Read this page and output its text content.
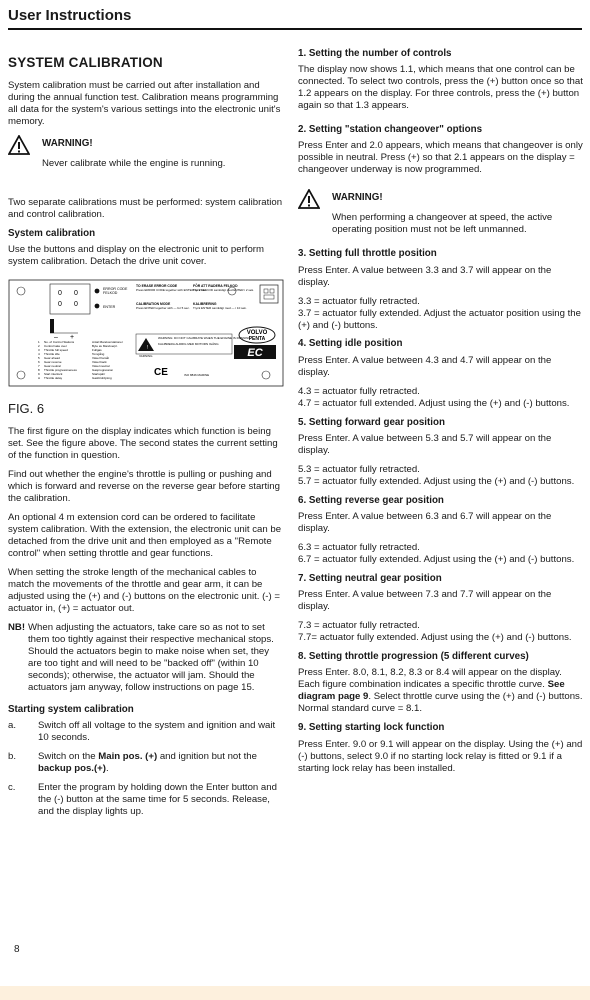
User Instructions
SYSTEM CALIBRATION

System calibration must be carried out after installation and during the annual function test. Calibration means programming all data for the system's various settings into the electronic unit's memory.

WARNING!

Never calibrate while the engine is running.

Two separate calibrations must be performed: system calibration and control calibration.

System calibration

Use the buttons and display on the electronic unit to perform system calibration. Detach the drive unit cover.

0 0
0 0
ERROR CODE
FELKOD
ENTER
– +
TO ERASE ERROR CODE
Press ERROR CODE together with ENTER for 2 sec.
FÖR ATT RADERA FELKOD
Tryck FELKOD samtidigt med ENTER i 2 sek.
CALIBRATION MODE
Press ENTER together with — for 5 sec.
KALIBRERING
Tryck ENTER samtidigt med — i 10 sek.
1 No. of Control Stations	Antal Manöverstationer
2 Control take over	Byte av Manöverpl.
3 Throttle full speed	Fullgas
4 Throttle idle	Tomgång
5 Gear ahead	Växel framåt
6 Gear reverse	Växel back
7 Gear neutral	Växel neutral
8 Throttle progressiveness	Gasprogression
9 Start interlock	Startspärr
A Throttle delay	Gasfördröjning
!
WARNING: DO NOT CALIBRATE WHEN THE ENGINE IS RUNNING
KALIBRERA ALDRIG MED MOTORN IGÅNG
VARNING
VOLVO
PENTA
EC
CE	ISO 8846 MARINE
FIG. 6

The first figure on the display indicates which function is being set. See the figure above. The second states the current setting of the function in question.

Find out whether the engine's throttle is pulling or pushing and which is forward and reverse on the reverse gear before starting the calibration.

An optional 4 m extension cord can be ordered to facilitate system calibration. With the extension, the electronic unit can be detached from the drive unit and then employed as a "Remote control" when setting throttle and gear functions.

When setting the stroke length of the mechanical cables to match the movements of the throttle and gear arm, it can be adjusted using the (+) and (-) buttons on the electronic unit. (-) = actuator in, (+) = actuator out.

NB! When adjusting the actuators, take care so as not to set them too tightly against their respective mechanical stops. Should the actuators begin to make noise when set, they are too tight and will need to be "backed off" (within 10 seconds); otherwise, the actuator will jam. Should the actuators jam anyway, follow instructions on page 15.
Starting system calibration
a.	Switch off all voltage to the system and ignition and wait 10 seconds.
b.	Switch on the Main pos. (+) and ignition but not the backup pos.(+).
c.	Enter the program by holding down the Enter button and the (-) button at the same time for 5 seconds. Release, and the display lights up.
8
1. Setting the number of controls

The display now shows 1.1, which means that one control can be connected. To select two controls, press the (+) button once so that 1.2 appears on the display. For three controls, press the (+) button again so that 1.3 appears.

2. Setting "station changeover" options

Press Enter and 2.0 appears, which means that changeover is only possible in neutral. Press (+) so that 2.1 appears on the display = changeover underway is now programmed.

WARNING!

When performing a changeover at speed, the active operating position must not be left unmanned.

3. Setting full throttle position

Press Enter. A value between 3.3 and 3.7 will appear on the display.

3.3 = actuator fully retracted.

3.7 = actuator fully extended. Adjust the actuator position using the (+) and (-) buttons.

4. Setting idle position

Press Enter. A value between 4.3 and 4.7 will appear on the display.

4.3 = actuator fully retracted.

4.7 = actuator full extended. Adjust using the (+) and (-) buttons.

5. Setting forward gear position

Press Enter. A value between 5.3 and 5.7 will appear on the display.

5.3 = actuator fully retracted.

5.7 = actuator fully extended. Adjust using the (+) and (-) buttons.

6. Setting reverse gear position

Press Enter. A value between 6.3 and 6.7 will appear on the display.

6.3 = actuator fully retracted.

6.7 = actuator fully extended. Adjust using the (+) and (-) buttons.

7. Setting neutral gear position

Press Enter. A value between 7.3 and 7.7 will appear on the display.

7.3 = actuator fully retracted.

7.7= actuator fully extended. Adjust using the (+) and (-) buttons.

8. Setting throttle progression (5 different curves)

Press Enter. 8.0, 8.1, 8.2, 8.3 or 8.4 will appear on the display. Each figure combination indicates a specific throttle curve. See diagram page 9. Select throttle curve using the (+) and (-) buttons. Normal standard curve = 8.1.

9. Setting starting lock function

Press Enter. 9.0 or 9.1 will appear on the display. Using the (+) and (-) buttons, select 9.0 if no starting lock relay is fitted or 9.1 if a starting lock relay has been installed.
